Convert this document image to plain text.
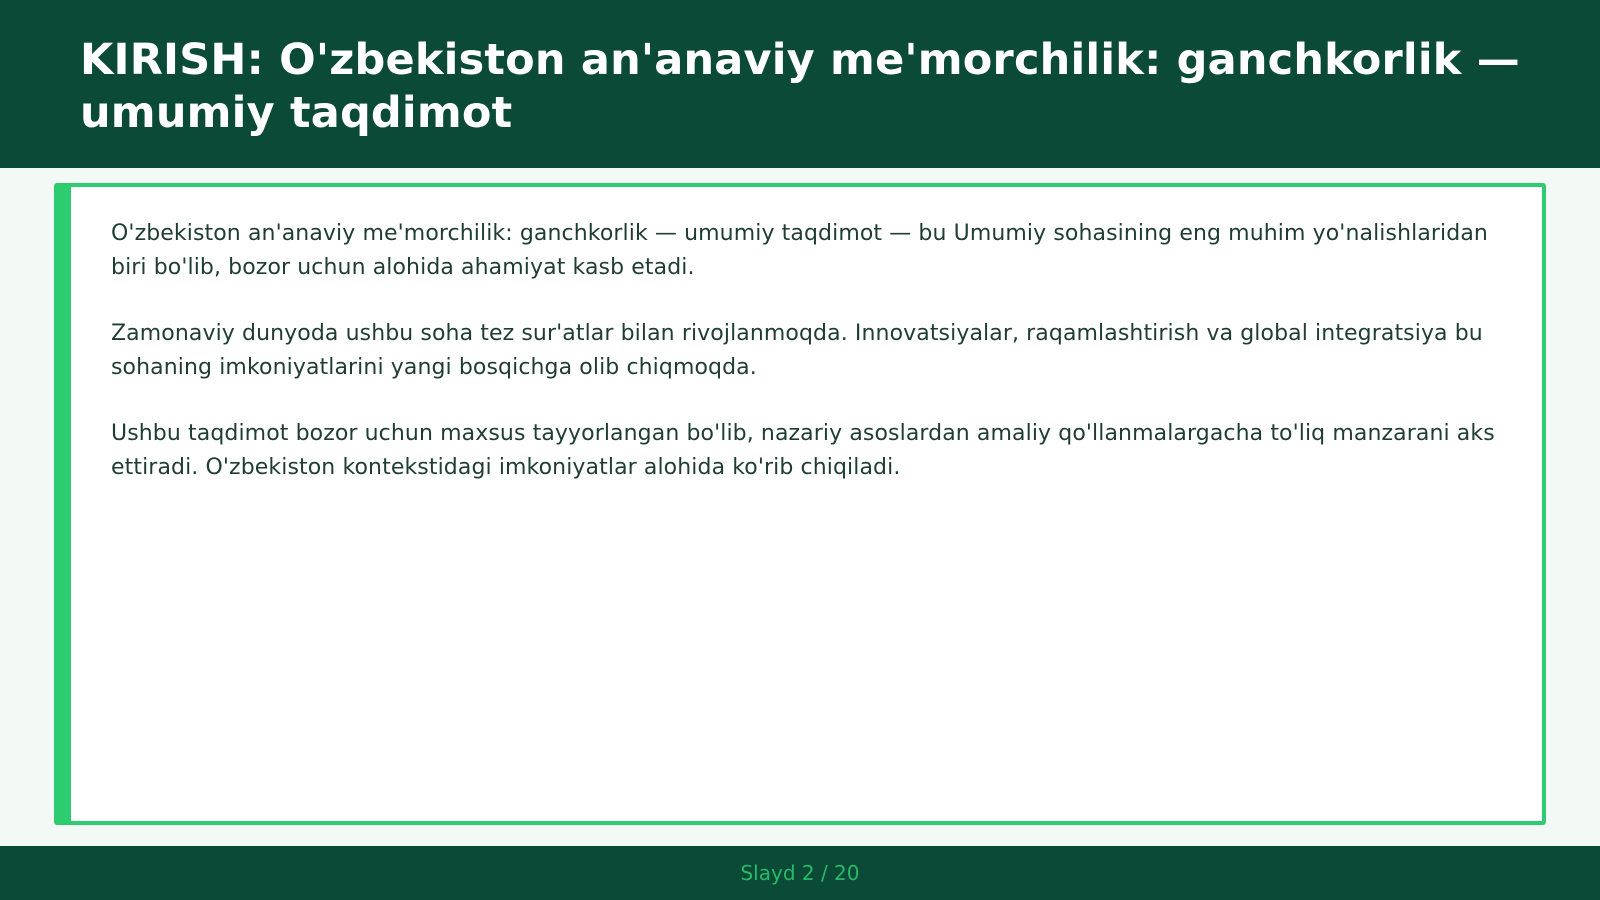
KIRISH: O'zbekiston an'anaviy me'morchilik: ganchkorlik — umumiy taqdimot

O'zbekiston an'anaviy me'morchilik: ganchkorlik — umumiy taqdimot — bu Umumiy sohasining eng muhim yo'nalishlaridan biri bo'lib, bozor uchun alohida ahamiyat kasb etadi.

Zamonaviy dunyoda ushbu soha tez sur'atlar bilan rivojlanmoqda. Innovatsiyalar, raqamlashtirish va global integratsiya bu sohaning imkoniyatlarini yangi bosqichga olib chiqmoqda.

Ushbu taqdimot bozor uchun maxsus tayyorlangan bo'lib, nazariy asoslardan amaliy qo'llanmalargacha to'liq manzarani aks ettiradi. O'zbekiston kontekstidagi imkoniyatlar alohida ko'rib chiqiladi.

Slayd 2 / 20
